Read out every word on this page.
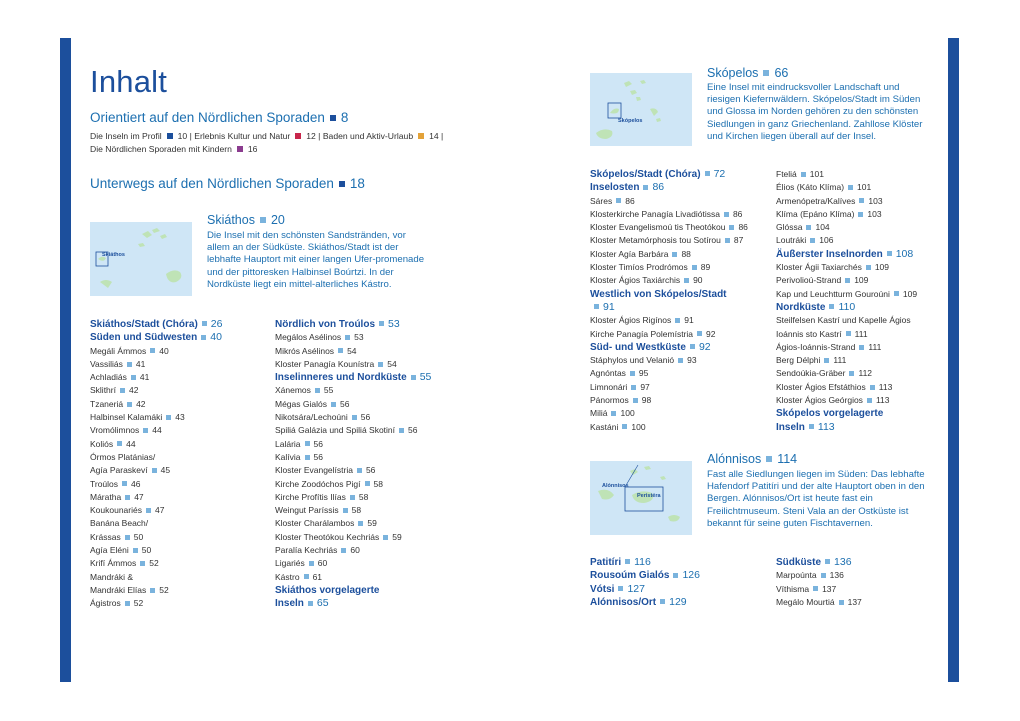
Inhalt
Orientiert auf den Nördlichen Sporaden 8
Die Inseln im Profil 10 | Erlebnis Kultur und Natur 12 | Baden und Aktiv-Urlaub 14 |
Die Nördlichen Sporaden mit Kindern 16
Unterwegs auf den Nördlichen Sporaden 18
Skiáthos
Skiáthos 20
Die Insel mit den schönsten Sandstränden, vor allem an der Südküste. Skiáthos/Stadt ist der lebhafte Hauptort mit einer langen Ufer-promenade und der pittoresken Halbinsel Boúrtzi. In der Nordküste liegt ein mittel-alterliches Kástro.
Skiáthos/Stadt (Chóra) 26
Süden und Südwesten 40
Megáli Ámmos 40
Vassiliás 41
Achladiás 41
Sklithrí 42
Tzaneriá 42
Halbinsel Kalamáki 43
Vromólimnos 44
Koliós 44
Órmos Platánias/
Agía Paraskeví 45
Troúlos 46
Máratha 47
Koukounariés 47
Banána Beach/
Krássas 50
Agía Eléni 50
Krifí Ámmos 52
Mandráki &
Mandráki Elías 52
Ágistros 52
Nördlich von Troúlos 53
Megálos Asélinos 53
Mikrós Asélinos 54
Kloster Panagía Kounístra 54
Inselinneres und Nordküste 55
Xánemos 55
Mégas Gialós 56
Nikotsára/Lechoúni 56
Spiliá Galázia und Spiliá Skotiní 56
Lalária 56
Kalívia 56
Kloster Evangelístria 56
Kirche Zoodóchos Pigí 58
Kirche Profítis Ilías 58
Weingut Paríssis 58
Kloster Charálambos 59
Kloster Theotókou Kechriás 59
Paralía Kechriás 60
Ligariés 60
Kástro 61
Skiáthos vorgelagerte
Inseln 65
Skópelos
Skópelos 66
Eine Insel mit eindrucksvoller Landschaft und riesigen Kiefernwäldern. Skópelos/Stadt im Süden und Glossa im Norden gehören zu den schönsten Siedlungen in ganz Griechenland. Zahllose Klöster und Kirchen liegen überall auf der Insel.
Skópelos/Stadt (Chóra) 72
Inselosten 86
Sáres 86
Klosterkirche Panagía Livadiótissa 86
Kloster Evangelismoú tis Theotókou 86
Kloster Metamórphosis tou Sotírou 87
Kloster Agía Barbára 88
Kloster Timíos Prodrómos 89
Kloster Ágios Taxiárchis 90
Westlich von Skópelos/Stadt
91
Kloster Ágios Rigínos 91
Kirche Panagía Polemístria 92
Süd- und Westküste 92
Stáphylos und Velanió 93
Agnóntas 95
Limnonári 97
Pánormos 98
Miliá 100
Kastáni 100
Fteliá 101
Élios (Káto Klíma) 101
Armenópetra/Kalíves 103
Klíma (Epáno Klíma) 103
Glóssa 104
Loutráki 106
Äußerster Inselnorden 108
Kloster Ágii Taxiarchés 109
Perivolioú-Strand 109
Kap und Leuchtturm Gouroúni 109
Nordküste 110
Steilfelsen Kastrí und Kapelle Ágios
Ioánnis sto Kastrí 111
Ágios-Ioánnis-Strand 111
Berg Délphi 111
Sendoúkia-Gräber 112
Kloster Ágios Efstáthios 113
Kloster Ágios Geórgios 113
Skópelos vorgelagerte
Inseln 113
Alónnisos
Peristéra
Alónnisos 114
Fast alle Siedlungen liegen im Süden: Das lebhafte Hafendorf Patitíri und der alte Hauptort oben in den Bergen. Alónnisos/Ort ist heute fast ein Freilichtmuseum. Steni Vala an der Ostküste ist bekannt für seine guten Fischtavernen.
Patitíri 116
Rousoúm Gialós 126
Vótsi 127
Alónnisos/Ort 129
Südküste 136
Marpoúnta 136
Víthisma 137
Megálo Mourtiá 137
